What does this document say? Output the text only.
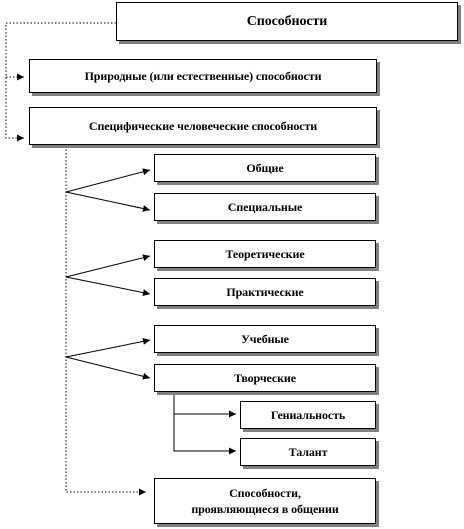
Способности
Природные (или естественные) способности
Специфические человеческие способности
Общие
Специальные
Теоретические
Практические
Учебные
Творческие
Гениальность
Талант
Способности,
проявляющиеся в общении
